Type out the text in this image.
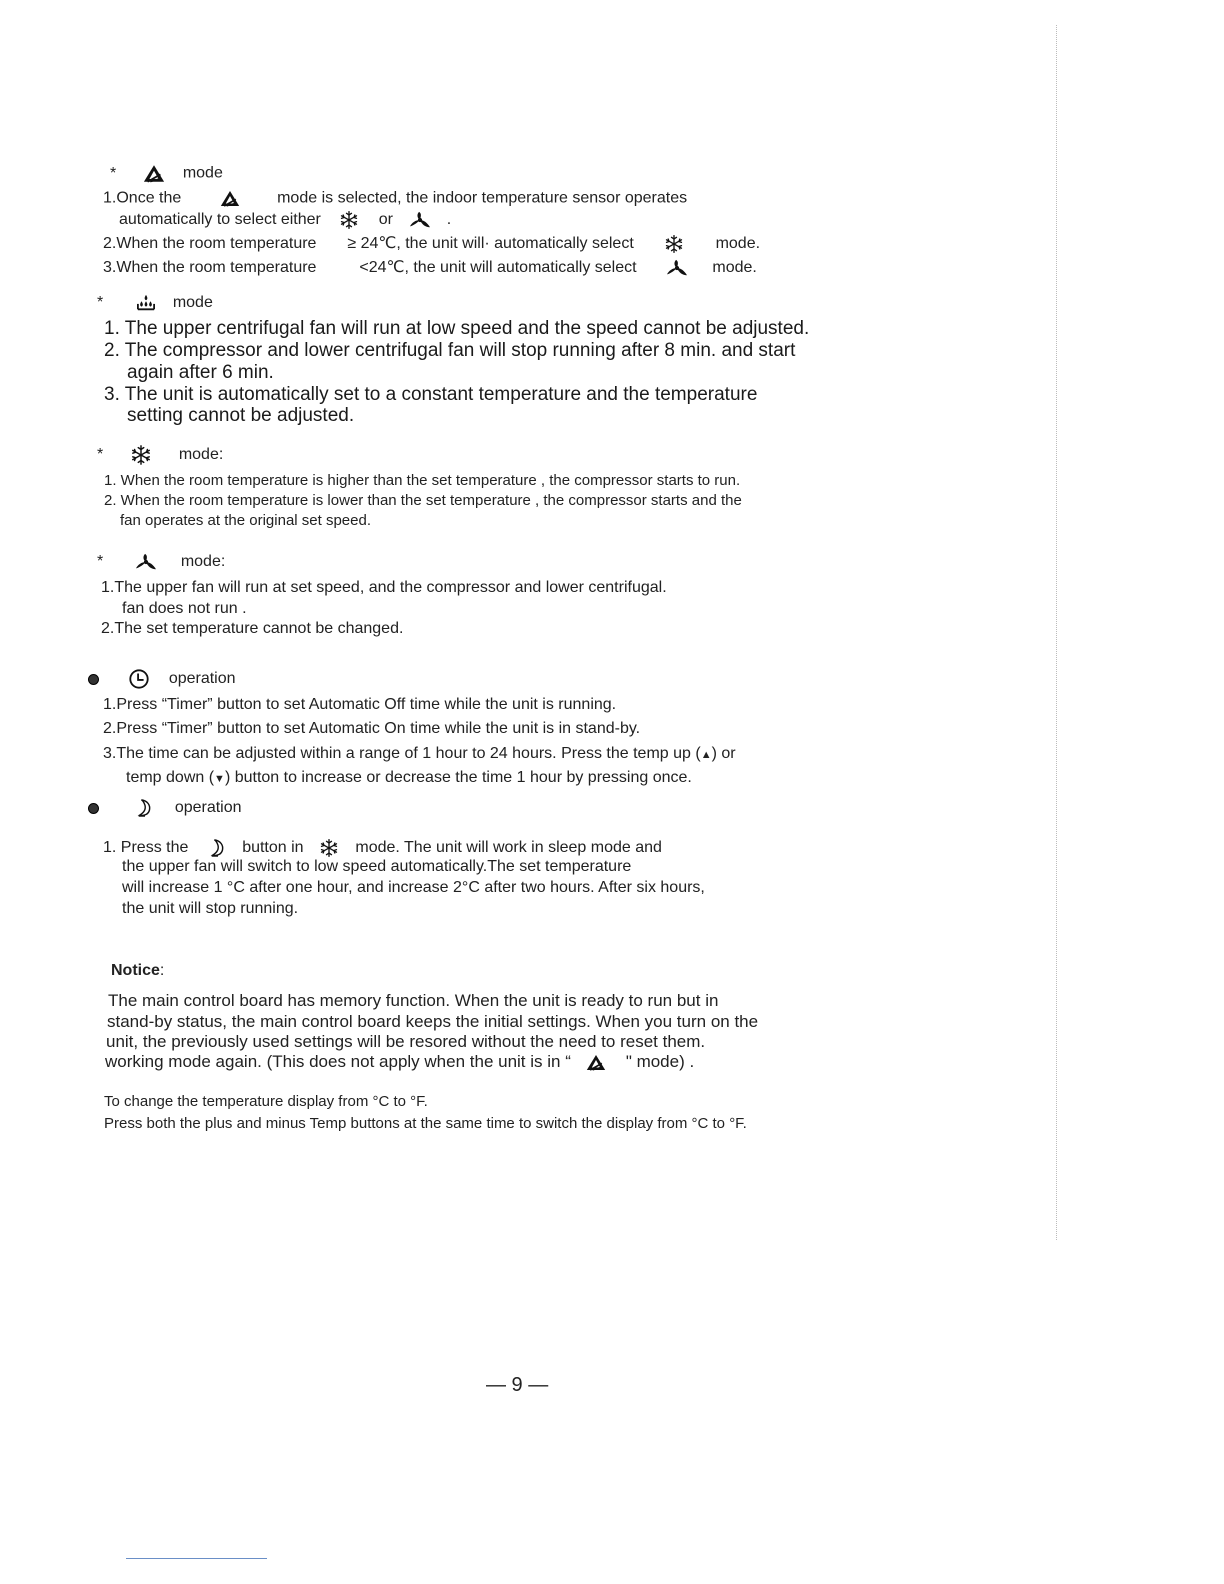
*	mode
1.Once the	mode is selected, the indoor temperature sensor operates
automatically to select either	or	.
2.When the room temperature ≥ 24℃, the unit will· automatically select	mode.
3.When the room temperature	<24℃, the unit will automatically select	mode.
*	mode
1. The upper centrifugal fan will run at low speed and the speed cannot be adjusted.
2. The compressor and lower centrifugal fan will stop running after 8 min. and start
again after 6 min.
3. The unit is automatically set to a constant temperature and the temperature
setting cannot be adjusted.
*	mode:
1. When the room temperature is higher than the set temperature , the compressor starts to run.
2. When the room temperature is lower than the set temperature , the compressor starts and the
fan operates at the original set speed.
*	mode:
1.The upper fan will run at set speed, and the compressor and lower centrifugal.
fan does not run .
2.The set temperature cannot be changed.

operation
1.Press “Timer” button to set Automatic Off time while the unit is running.
2.Press “Timer” button to set Automatic On time while the unit is in stand-by.
3.The time can be adjusted within a range of 1 hour to 24 hours. Press the temp up (▲) or
temp down (▼) button to increase or decrease the time 1 hour by pressing once.

operation
1. Press the	button in	mode. The unit will work in sleep mode and
the upper fan will switch to low speed automatically.The set temperature
will increase 1 °C after one hour, and increase 2°C after two hours. After six hours,
the unit will stop running.
Notice:
The main control board has memory function. When the unit is ready to run but in
stand-by status, the main control board keeps the initial settings. When you turn on the
unit, the previously used settings will be resored without the need to reset them.
working mode again. (This does not apply when the unit is in “	" mode) .
To change the temperature display from °C to °F.
Press both the plus and minus Temp buttons at the same time to switch the display from °C to °F.
— 9 —
